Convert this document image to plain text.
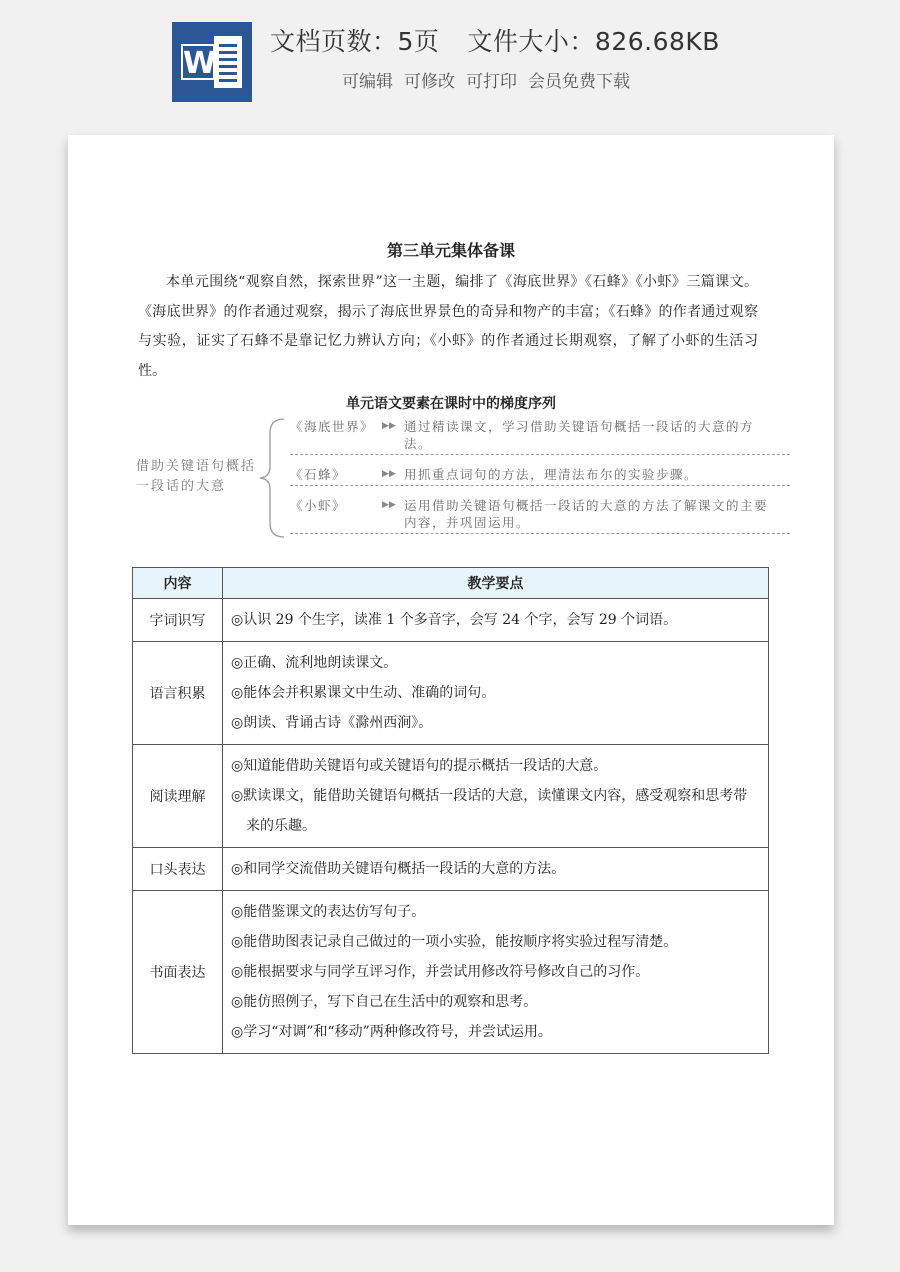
W
文档页数：5页 文件大小：826.68KB
可编辑 可修改 可打印 会员免费下载
第三单元集体备课

本单元围绕“观察自然，探索世界”这一主题，编排了《海底世界》《石蜂》《小虾》三篇课文。《海底世界》的作者通过观察，揭示了海底世界景色的奇异和物产的丰富；《石蜂》的作者通过观察与实验，证实了石蜂不是靠记忆力辨认方向；《小虾》的作者通过长期观察，了解了小虾的生活习性。

单元语文要素在课时中的梯度序列
借助关键语句概括一段话的大意
《海底世界》 ▶▶ 通过精读课文，学习借助关键语句概括一段话的大意的方法。
《石蜂》	▶▶ 用抓重点词句的方法，理清法布尔的实验步骤。
《小虾》	▶▶ 运用借助关键语句概括一段话的大意的方法了解课文的主要内容，并巩固运用。
内容	教学要点
字词识写	◎认识 29 个生字，读准 1 个多音字，会写 24 个字，会写 29 个词语。

语言积累	◎正确、流利地朗读课文。
◎能体会并积累课文中生动、准确的词句。
◎朗读、背诵古诗《滁州西涧》。

阅读理解	◎知道能借助关键语句或关键语句的提示概括一段话的大意。
◎默读课文，能借助关键语句概括一段话的大意，读懂课文内容，感受观察和思考带来的乐趣。

口头表达	◎和同学交流借助关键语句概括一段话的大意的方法。

书面表达	◎能借鉴课文的表达仿写句子。
◎能借助图表记录自己做过的一项小实验，能按顺序将实验过程写清楚。
◎能根据要求与同学互评习作，并尝试用修改符号修改自己的习作。
◎能仿照例子，写下自己在生活中的观察和思考。
◎学习“对调”和“移动”两种修改符号，并尝试运用。
